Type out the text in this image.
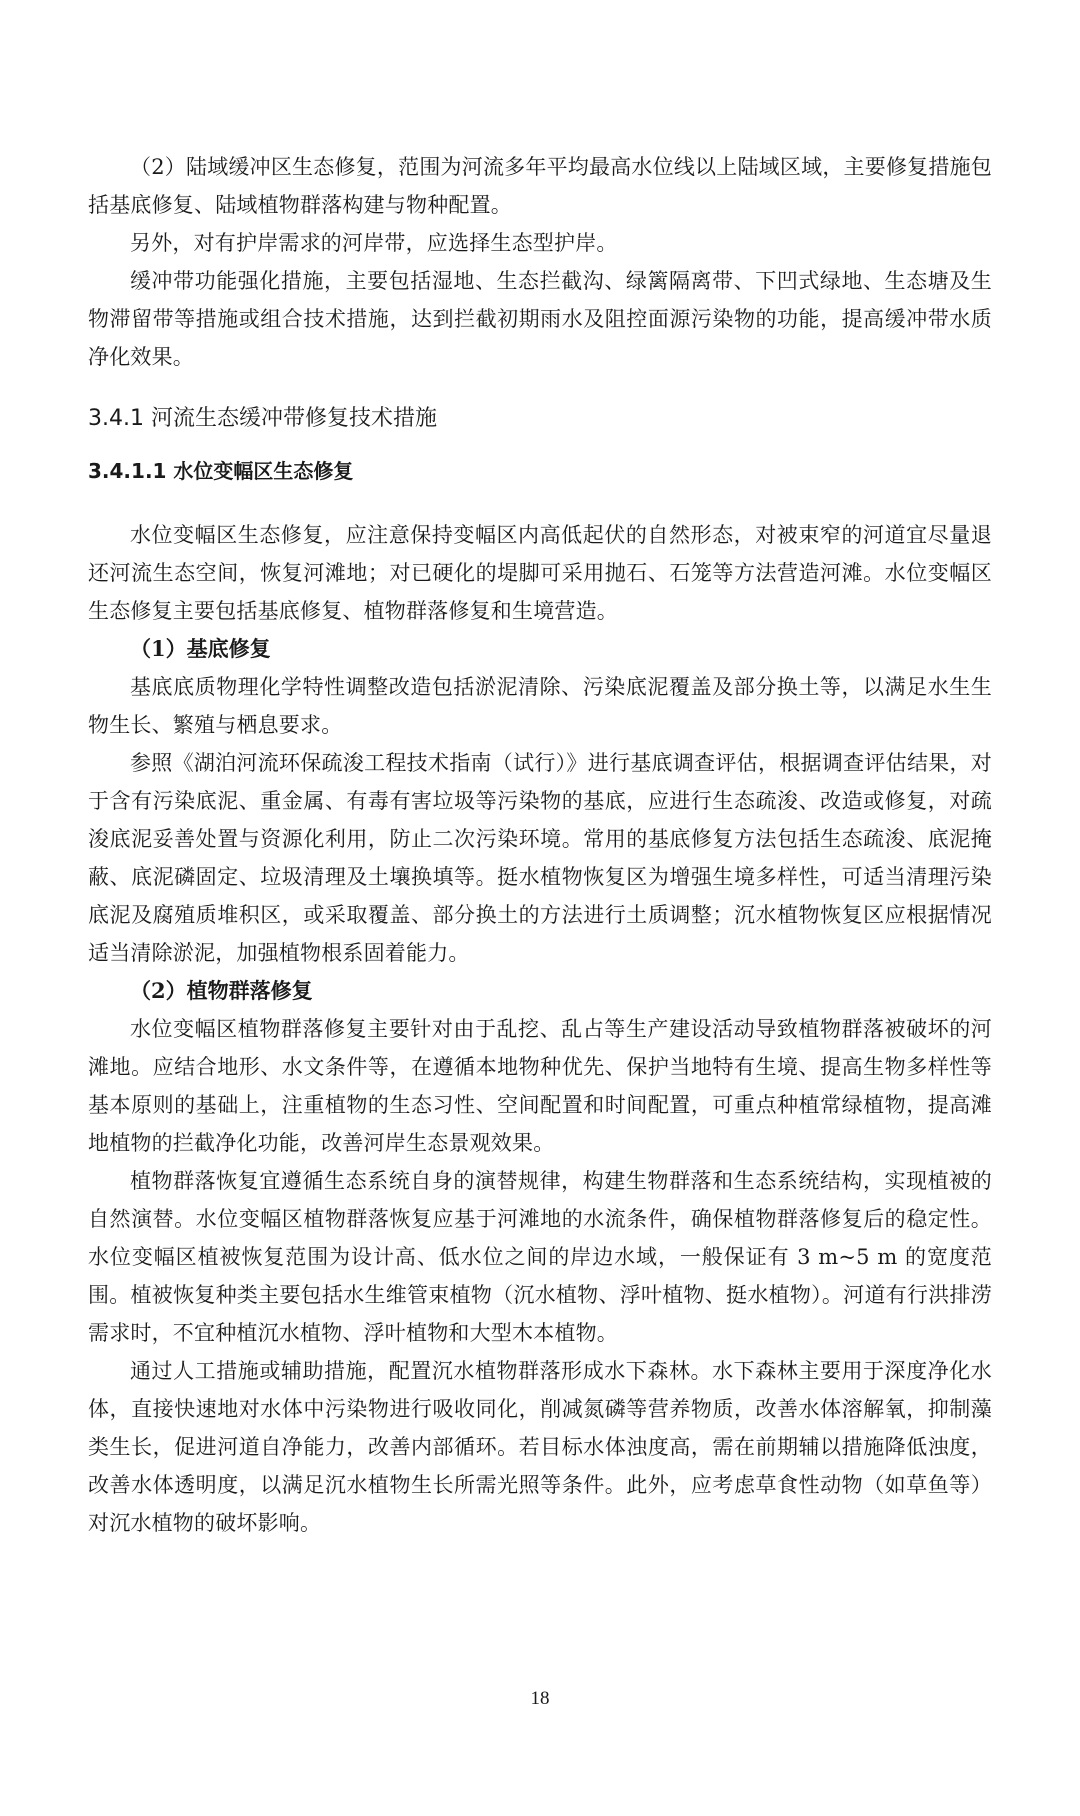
（2）陆域缓冲区生态修复，范围为河流多年平均最高水位线以上陆域区域，主要修复措施包括基底修复、陆域植物群落构建与物种配置。

另外，对有护岸需求的河岸带，应选择生态型护岸。

缓冲带功能强化措施，主要包括湿地、生态拦截沟、绿篱隔离带、下凹式绿地、生态塘及生物滞留带等措施或组合技术措施，达到拦截初期雨水及阻控面源污染物的功能，提高缓冲带水质净化效果。

3.4.1 河流生态缓冲带修复技术措施
3.4.1.1 水位变幅区生态修复

水位变幅区生态修复，应注意保持变幅区内高低起伏的自然形态，对被束窄的河道宜尽量退还河流生态空间，恢复河滩地；对已硬化的堤脚可采用抛石、石笼等方法营造河滩。水位变幅区生态修复主要包括基底修复、植物群落修复和生境营造。

（1）基底修复

基底底质物理化学特性调整改造包括淤泥清除、污染底泥覆盖及部分换土等，以满足水生生物生长、繁殖与栖息要求。

参照《湖泊河流环保疏浚工程技术指南（试行）》进行基底调查评估，根据调查评估结果，对于含有污染底泥、重金属、有毒有害垃圾等污染物的基底，应进行生态疏浚、改造或修复，对疏浚底泥妥善处置与资源化利用，防止二次污染环境。常用的基底修复方法包括生态疏浚、底泥掩蔽、底泥磷固定、垃圾清理及土壤换填等。挺水植物恢复区为增强生境多样性，可适当清理污染底泥及腐殖质堆积区，或采取覆盖、部分换土的方法进行土质调整；沉水植物恢复区应根据情况适当清除淤泥，加强植物根系固着能力。

（2）植物群落修复

水位变幅区植物群落修复主要针对由于乱挖、乱占等生产建设活动导致植物群落被破坏的河滩地。应结合地形、水文条件等，在遵循本地物种优先、保护当地特有生境、提高生物多样性等基本原则的基础上，注重植物的生态习性、空间配置和时间配置，可重点种植常绿植物，提高滩地植物的拦截净化功能，改善河岸生态景观效果。

植物群落恢复宜遵循生态系统自身的演替规律，构建生物群落和生态系统结构，实现植被的自然演替。水位变幅区植物群落恢复应基于河滩地的水流条件，确保植物群落修复后的稳定性。水位变幅区植被恢复范围为设计高、低水位之间的岸边水域，一般保证有 3 m~5 m 的宽度范围。植被恢复种类主要包括水生维管束植物（沉水植物、浮叶植物、挺水植物）。河道有行洪排涝需求时，不宜种植沉水植物、浮叶植物和大型木本植物。

通过人工措施或辅助措施，配置沉水植物群落形成水下森林。水下森林主要用于深度净化水体，直接快速地对水体中污染物进行吸收同化，削减氮磷等营养物质，改善水体溶解氧，抑制藻类生长，促进河道自净能力，改善内部循环。若目标水体浊度高，需在前期辅以措施降低浊度，改善水体透明度，以满足沉水植物生长所需光照等条件。此外，应考虑草食性动物（如草鱼等）对沉水植物的破坏影响。

18
